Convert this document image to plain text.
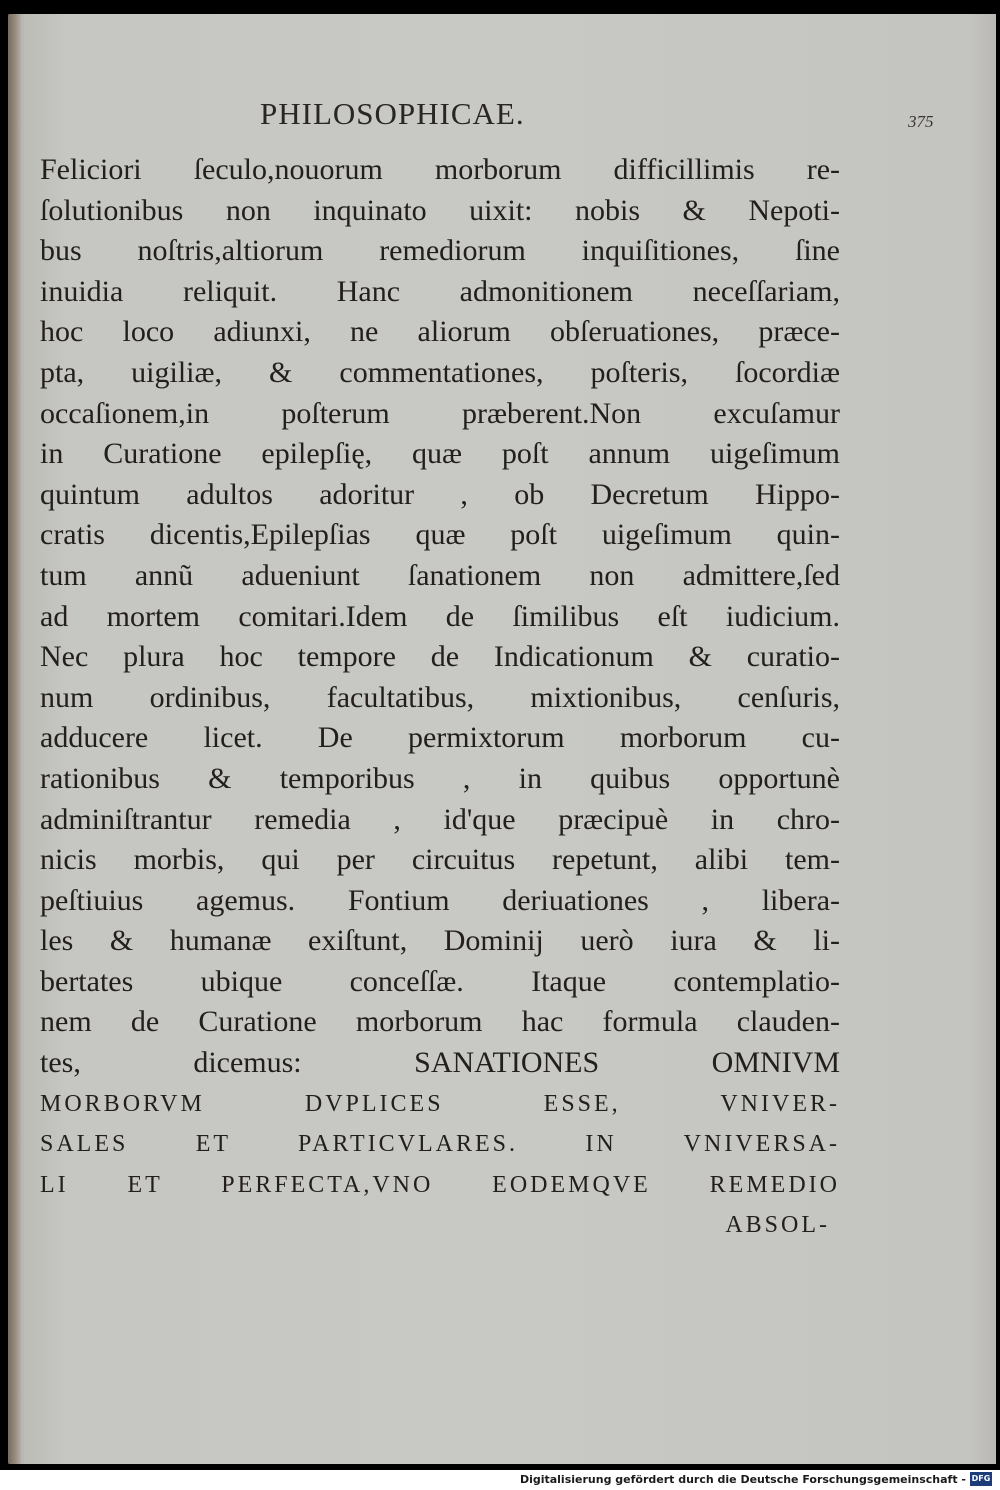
PHILOSOPHICAE.	375
Feliciori ſeculo,nouorum morborum difficillimis re-
ſolutionibus non inquinato uixit: nobis & Nepoti-
bus noſtris,altiorum remediorum inquiſitiones, ſine
inuidia reliquit. Hanc admonitionem neceſſariam,
hoc loco adiunxi, ne aliorum obſeruationes, præce-
pta, uigiliæ, & commentationes, poſteris, ſocordiæ
occaſionem,in poſterum præberent.Non excuſamur
in Curatione epilepſię, quæ poſt annum uigeſimum
quintum adultos adoritur , ob Decretum Hippo-
cratis dicentis,Epilepſias quæ poſt uigeſimum quin-
tum annũ adueniunt ſanationem non admittere,ſed
ad mortem comitari.Idem de ſimilibus eſt iudicium.
Nec plura hoc tempore de Indicationum & curatio-
num ordinibus, facultatibus, mixtionibus, cenſuris,
adducere licet. De permixtorum morborum cu-
rationibus & temporibus , in quibus opportunè
adminiſtrantur remedia , id'que præcipuè in chro-
nicis morbis, qui per circuitus repetunt, alibi tem-
peſtiuius agemus. Fontium deriuationes , libera-
les & humanæ exiſtunt, Dominij uerò iura & li-
bertates ubique conceſſæ. Itaque contemplatio-
nem de Curatione morborum hac formula clauden-
tes, dicemus: SANATIONES OMNIVM
MORBORVM DVPLICES ESSE, VNIVER-
SALES ET PARTICVLARES. IN VNIVERSA-
LI ET PERFECTA,VNO EODEMQVE REMEDIO
ABSOL-
Digitalisierung gefördert durch die Deutsche Forschungsgemeinschaft - DFG
